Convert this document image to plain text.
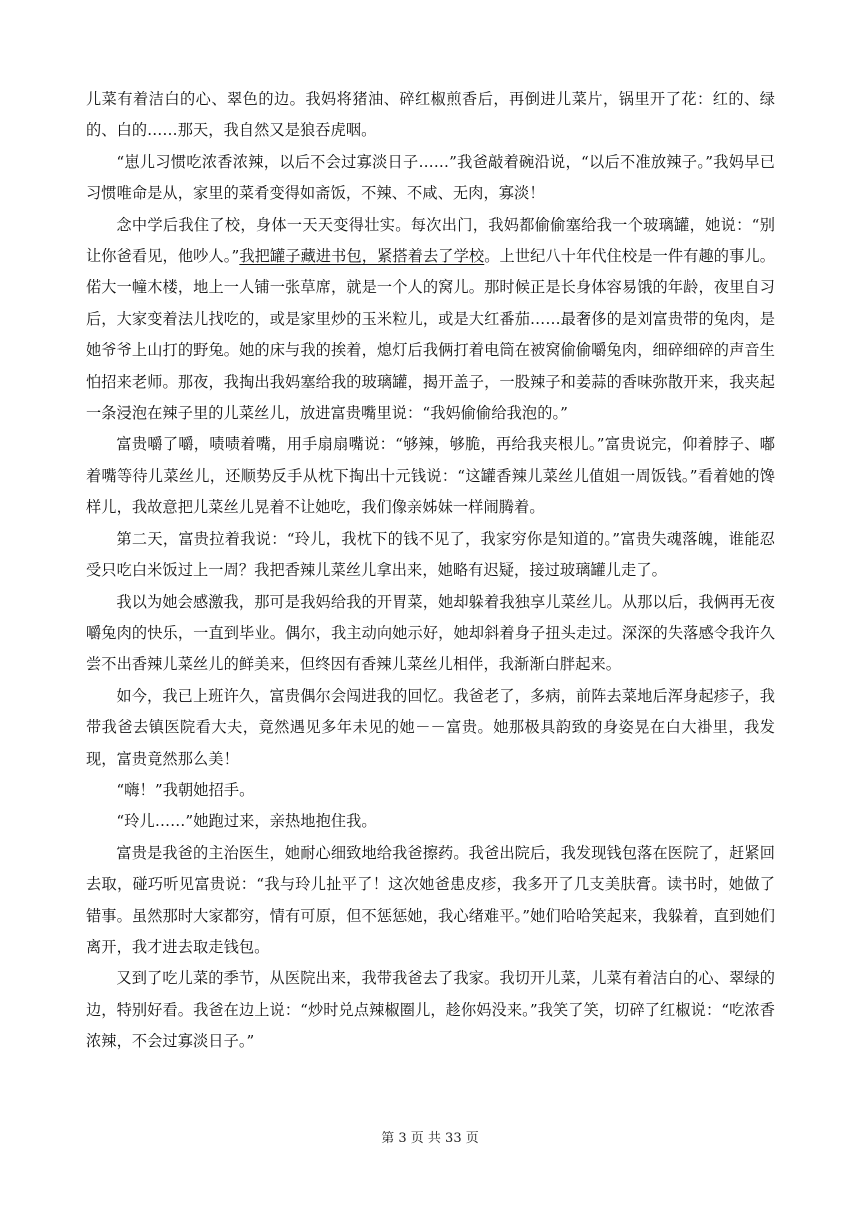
儿菜有着洁白的心、翠色的边。我妈将猪油、碎红椒煎香后，再倒进儿菜片，锅里开了花：红的、绿的、白的……那天，我自然又是狼吞虎咽。

“崽儿习惯吃浓香浓辣，以后不会过寡淡日子……”我爸敲着碗沿说，“以后不准放辣子。”我妈早已习惯唯命是从，家里的菜肴变得如斋饭，不辣、不咸、无肉，寡淡！

念中学后我住了校，身体一天天变得壮实。每次出门，我妈都偷偷塞给我一个玻璃罐，她说：“别让你爸看见，他吵人。”我把罐子藏进书包，紧搭着去了学校。上世纪八十年代住校是一件有趣的事儿。偌大一幢木楼，地上一人铺一张草席，就是一个人的窝儿。那时候正是长身体容易饿的年龄，夜里自习后，大家变着法儿找吃的，或是家里炒的玉米粒儿，或是大红番茄……最奢侈的是刘富贵带的兔肉，是她爷爷上山打的野兔。她的床与我的挨着，熄灯后我俩打着电筒在被窝偷偷嚼兔肉，细碎细碎的声音生怕招来老师。那夜，我掏出我妈塞给我的玻璃罐，揭开盖子，一股辣子和姜蒜的香味弥散开来，我夹起一条浸泡在辣子里的儿菜丝儿，放进富贵嘴里说：“我妈偷偷给我泡的。”

富贵嚼了嚼，啧啧着嘴，用手扇扇嘴说：“够辣，够脆，再给我夹根儿。”富贵说完，仰着脖子、嘟着嘴等待儿菜丝儿，还顺势反手从枕下掏出十元钱说：“这罐香辣儿菜丝儿值姐一周饭钱。”看着她的馋样儿，我故意把儿菜丝儿晃着不让她吃，我们像亲姊妹一样闹腾着。

第二天，富贵拉着我说：“玲儿，我枕下的钱不见了，我家穷你是知道的。”富贵失魂落魄，谁能忍受只吃白米饭过上一周？我把香辣儿菜丝儿拿出来，她略有迟疑，接过玻璃罐儿走了。

我以为她会感激我，那可是我妈给我的开胃菜，她却躲着我独享儿菜丝儿。从那以后，我俩再无夜嚼兔肉的快乐，一直到毕业。偶尔，我主动向她示好，她却斜着身子扭头走过。深深的失落感令我许久尝不出香辣儿菜丝儿的鲜美来，但终因有香辣儿菜丝儿相伴，我渐渐白胖起来。

如今，我已上班许久，富贵偶尔会闯进我的回忆。我爸老了，多病，前阵去菜地后浑身起疹子，我带我爸去镇医院看大夫，竟然遇见多年未见的她－－富贵。她那极具韵致的身姿晃在白大褂里，我发现，富贵竟然那么美！

“嗨！”我朝她招手。

“玲儿……”她跑过来，亲热地抱住我。

富贵是我爸的主治医生，她耐心细致地给我爸擦药。我爸出院后，我发现钱包落在医院了，赶紧回去取，碰巧听见富贵说：“我与玲儿扯平了！这次她爸患皮疹，我多开了几支美肤膏。读书时，她做了错事。虽然那时大家都穷，情有可原，但不惩惩她，我心绪难平。”她们哈哈笑起来，我躲着，直到她们离开，我才进去取走钱包。

又到了吃儿菜的季节，从医院出来，我带我爸去了我家。我切开儿菜，儿菜有着洁白的心、翠绿的边，特别好看。我爸在边上说：“炒时兑点辣椒圈儿，趁你妈没来。”我笑了笑，切碎了红椒说：“吃浓香浓辣，不会过寡淡日子。”

第 3 页 共 33 页
